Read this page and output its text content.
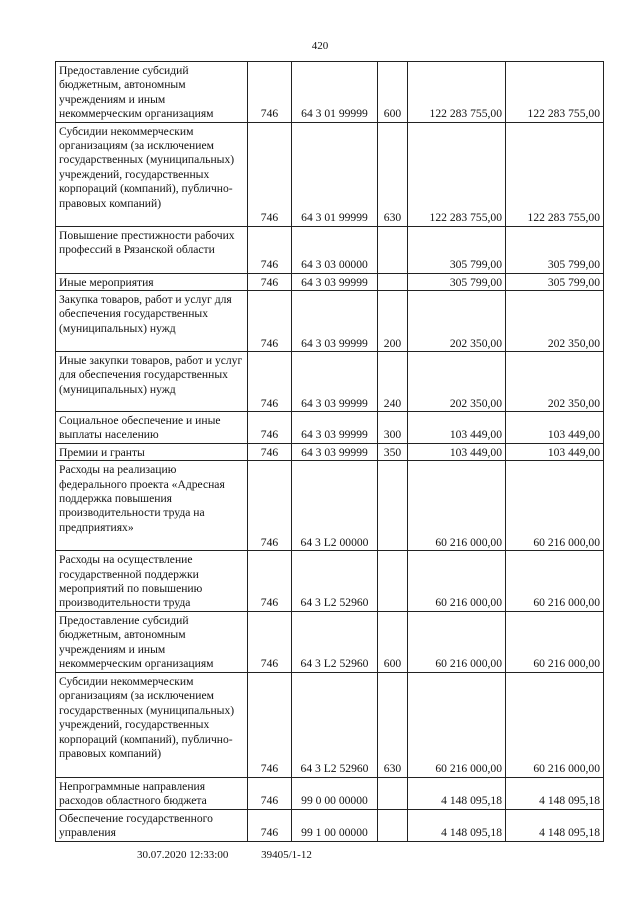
420
Предоставление субсидий бюджетным, автономным учреждениям и иным некоммерческим организациям	746	64 3 01 99999	600	122 283 755,00	122 283 755,00
Субсидии некоммерческим организациям (за исключением государственных (муниципальных) учреждений, государственных корпораций (компаний), публично-правовых компаний)	746	64 3 01 99999	630	122 283 755,00	122 283 755,00
Повышение престижности рабочих профессий в Рязанской области	746	64 3 03 00000		305 799,00	305 799,00
Иные мероприятия	746	64 3 03 99999		305 799,00	305 799,00
Закупка товаров, работ и услуг для обеспечения государственных (муниципальных) нужд	746	64 3 03 99999	200	202 350,00	202 350,00
Иные закупки товаров, работ и услуг для обеспечения государственных (муниципальных) нужд	746	64 3 03 99999	240	202 350,00	202 350,00
Социальное обеспечение и иные выплаты населению	746	64 3 03 99999	300	103 449,00	103 449,00
Премии и гранты	746	64 3 03 99999	350	103 449,00	103 449,00
Расходы на реализацию федерального проекта «Адресная поддержка повышения производительности труда на предприятиях»	746	64 3 L2 00000		60 216 000,00	60 216 000,00
Расходы на осуществление государственной поддержки мероприятий по повышению производительности труда	746	64 3 L2 52960		60 216 000,00	60 216 000,00
Предоставление субсидий бюджетным, автономным учреждениям и иным некоммерческим организациям	746	64 3 L2 52960	600	60 216 000,00	60 216 000,00
Субсидии некоммерческим организациям (за исключением государственных (муниципальных) учреждений, государственных корпораций (компаний), публично-правовых компаний)	746	64 3 L2 52960	630	60 216 000,00	60 216 000,00
Непрограммные направления расходов областного бюджета	746	99 0 00 00000		4 148 095,18	4 148 095,18
Обеспечение государственного управления	746	99 1 00 00000		4 148 095,18	4 148 095,18
30.07.2020 12:33:00	39405/1-12
